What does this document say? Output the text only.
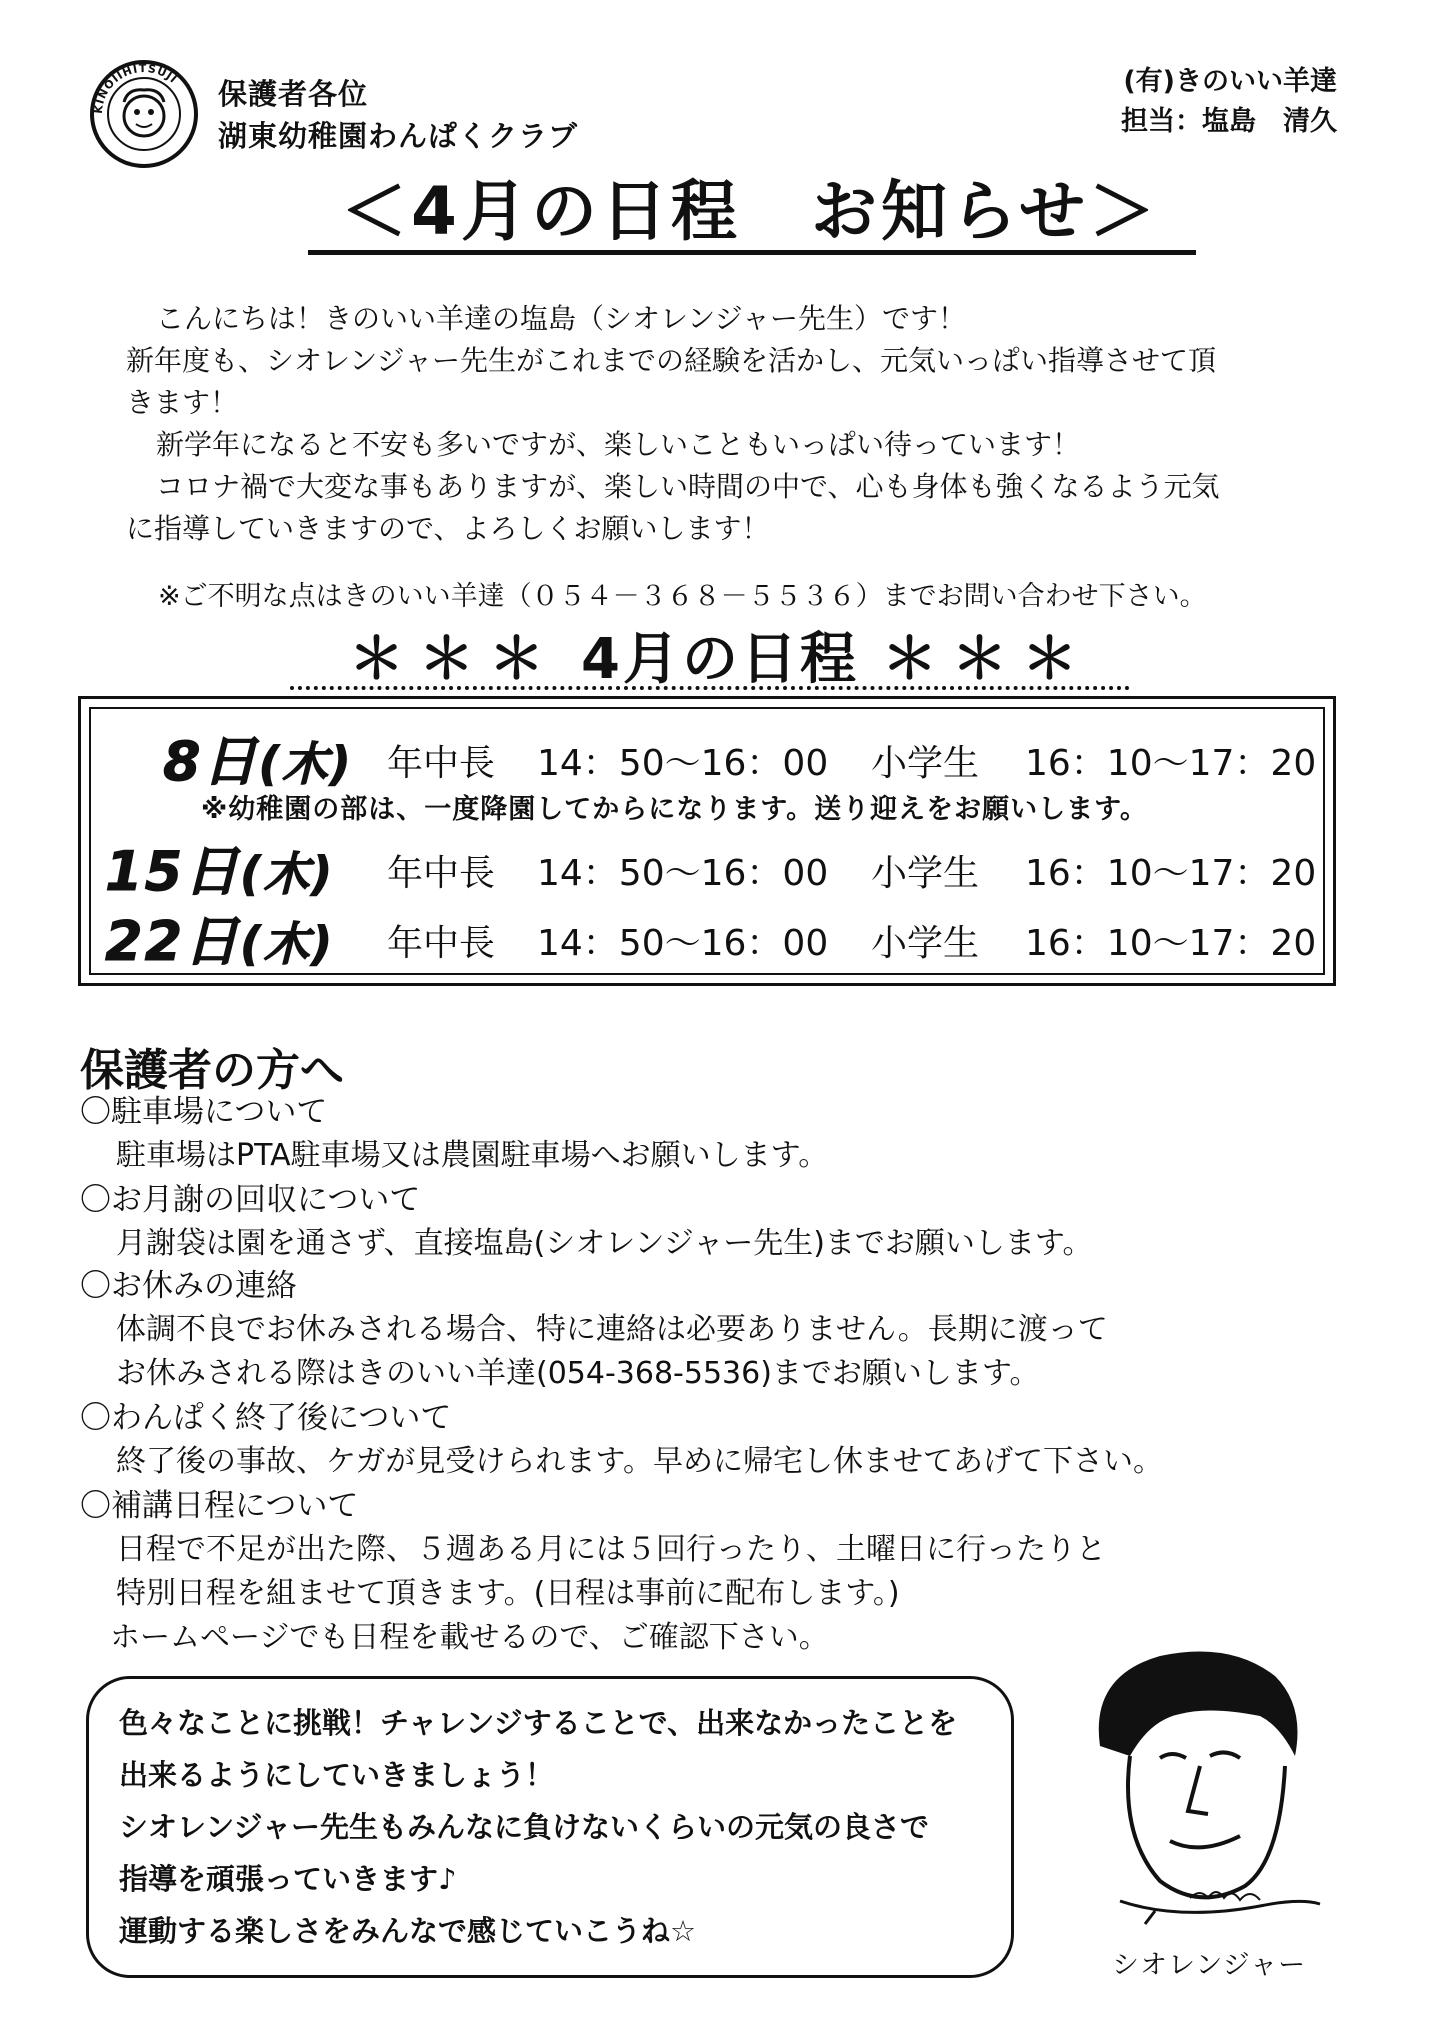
KINOIIHITSUJI 保護者各位
湖東幼稚園わんぱくクラブ
(有)きのいい羊達
担当：塩島　清久
＜4月の日程　お知らせ＞

こんにちは！きのいい羊達の塩島（シオレンジャー先生）です！

新年度も、シオレンジャー先生がこれまでの経験を活かし、元気いっぱい指導させて頂

きます！

新学年になると不安も多いですが、楽しいこともいっぱい待っています！

コロナ禍で大変な事もありますが、楽しい時間の中で、心も身体も強くなるよう元気

に指導していきますので、よろしくお願いします！

※ご不明な点はきのいい羊達（０５４－３６８－５５３６）までお問い合わせ下さい。
＊＊＊ 4月の日程 ＊＊＊
8日(木) 年中長 14：50〜16：00 小学生 16：10〜17：20
※幼稚園の部は、一度降園してからになります。送り迎えをお願いします。
15日(木) 年中長 14：50〜16：00 小学生 16：10〜17：20
22日(木) 年中長 14：50〜16：00 小学生 16：10〜17：20
保護者の方へ
〇駐車場について
駐車場はPTA駐車場又は農園駐車場へお願いします。
〇お月謝の回収について
月謝袋は園を通さず、直接塩島(シオレンジャー先生)までお願いします。
〇お休みの連絡
体調不良でお休みされる場合、特に連絡は必要ありません。長期に渡って
お休みされる際はきのいい羊達(054-368-5536)までお願いします。
〇わんぱく終了後について
終了後の事故、ケガが見受けられます。早めに帰宅し休ませてあげて下さい。
〇補講日程について
日程で不足が出た際、５週ある月には５回行ったり、土曜日に行ったりと
特別日程を組ませて頂きます。(日程は事前に配布します。)
ホームページでも日程を載せるので、ご確認下さい。

色々なことに挑戦！チャレンジすることで、出来なかったことを

出来るようにしていきましょう！

シオレンジャー先生もみんなに負けないくらいの元気の良さで

指導を頑張っていきます♪

運動する楽しさをみんなで感じていこうね☆

シオレンジャー
